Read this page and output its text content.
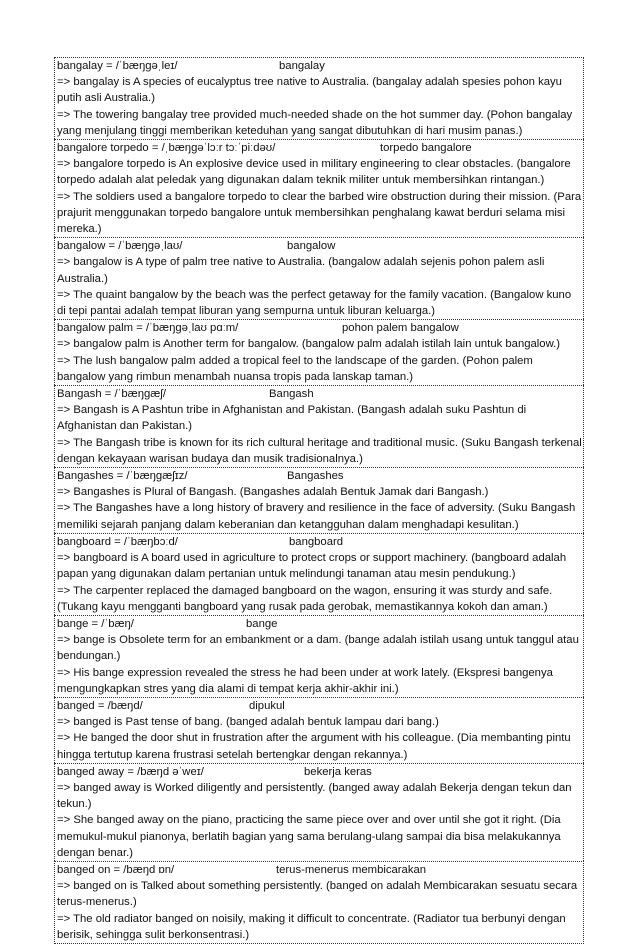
bangalay = /ˈbæŋɡəˌleɪ/	bangalay
=> bangalay is A species of eucalyptus tree native to Australia. (bangalay adalah spesies pohon kayu putih asli Australia.)
=> The towering bangalay tree provided much-needed shade on the hot summer day. (Pohon bangalay yang menjulang tinggi memberikan keteduhan yang sangat dibutuhkan di hari musim panas.)
bangalore torpedo = /ˌbæŋɡəˈlɔːr tɔːˈpiːdəʊ/	torpedo bangalore
=> bangalore torpedo is An explosive device used in military engineering to clear obstacles. (bangalore torpedo adalah alat peledak yang digunakan dalam teknik militer untuk membersihkan rintangan.)
=> The soldiers used a bangalore torpedo to clear the barbed wire obstruction during their mission. (Para prajurit menggunakan torpedo bangalore untuk membersihkan penghalang kawat berduri selama misi mereka.)
bangalow = /ˈbæŋɡəˌlaʊ/	bangalow
=> bangalow is A type of palm tree native to Australia. (bangalow adalah sejenis pohon palem asli Australia.)
=> The quaint bangalow by the beach was the perfect getaway for the family vacation. (Bangalow kuno di tepi pantai adalah tempat liburan yang sempurna untuk liburan keluarga.)
bangalow palm = /ˈbæŋɡəˌlaʊ pɑːm/	pohon palem bangalow
=> bangalow palm is Another term for bangalow. (bangalow palm adalah istilah lain untuk bangalow.)
=> The lush bangalow palm added a tropical feel to the landscape of the garden. (Pohon palem bangalow yang rimbun menambah nuansa tropis pada lanskap taman.)
Bangash = /ˈbæŋɡæʃ/	Bangash
=> Bangash is A Pashtun tribe in Afghanistan and Pakistan. (Bangash adalah suku Pashtun di Afghanistan dan Pakistan.)
=> The Bangash tribe is known for its rich cultural heritage and traditional music. (Suku Bangash terkenal dengan kekayaan warisan budaya dan musik tradisionalnya.)
Bangashes = /ˈbæŋɡæʃɪz/	Bangashes
=> Bangashes is Plural of Bangash. (Bangashes adalah Bentuk Jamak dari Bangash.)
=> The Bangashes have a long history of bravery and resilience in the face of adversity. (Suku Bangash memiliki sejarah panjang dalam keberanian dan ketangguhan dalam menghadapi kesulitan.)
bangboard = /ˈbæŋbɔːd/	bangboard
=> bangboard is A board used in agriculture to protect crops or support machinery. (bangboard adalah papan yang digunakan dalam pertanian untuk melindungi tanaman atau mesin pendukung.)
=> The carpenter replaced the damaged bangboard on the wagon, ensuring it was sturdy and safe. (Tukang kayu mengganti bangboard yang rusak pada gerobak, memastikannya kokoh dan aman.)
bange = /ˈbæŋ/	bange
=> bange is Obsolete term for an embankment or a dam. (bange adalah istilah usang untuk tanggul atau bendungan.)
=> His bange expression revealed the stress he had been under at work lately. (Ekspresi bangenya mengungkapkan stres yang dia alami di tempat kerja akhir-akhir ini.)
banged = /bæŋd/	dipukul
=> banged is Past tense of bang. (banged adalah bentuk lampau dari bang.)
=> He banged the door shut in frustration after the argument with his colleague. (Dia membanting pintu hingga tertutup karena frustrasi setelah bertengkar dengan rekannya.)
banged away = /bæŋd əˈweɪ/	bekerja keras
=> banged away is Worked diligently and persistently. (banged away adalah Bekerja dengan tekun dan tekun.)
=> She banged away on the piano, practicing the same piece over and over until she got it right. (Dia memukul-mukul pianonya, berlatih bagian yang sama berulang-ulang sampai dia bisa melakukannya dengan benar.)
banged on = /bæŋd ɒn/	terus-menerus membicarakan
=> banged on is Talked about something persistently. (banged on adalah Membicarakan sesuatu secara terus-menerus.)
=> The old radiator banged on noisily, making it difficult to concentrate. (Radiator tua berbunyi dengan berisik, sehingga sulit berkonsentrasi.)
